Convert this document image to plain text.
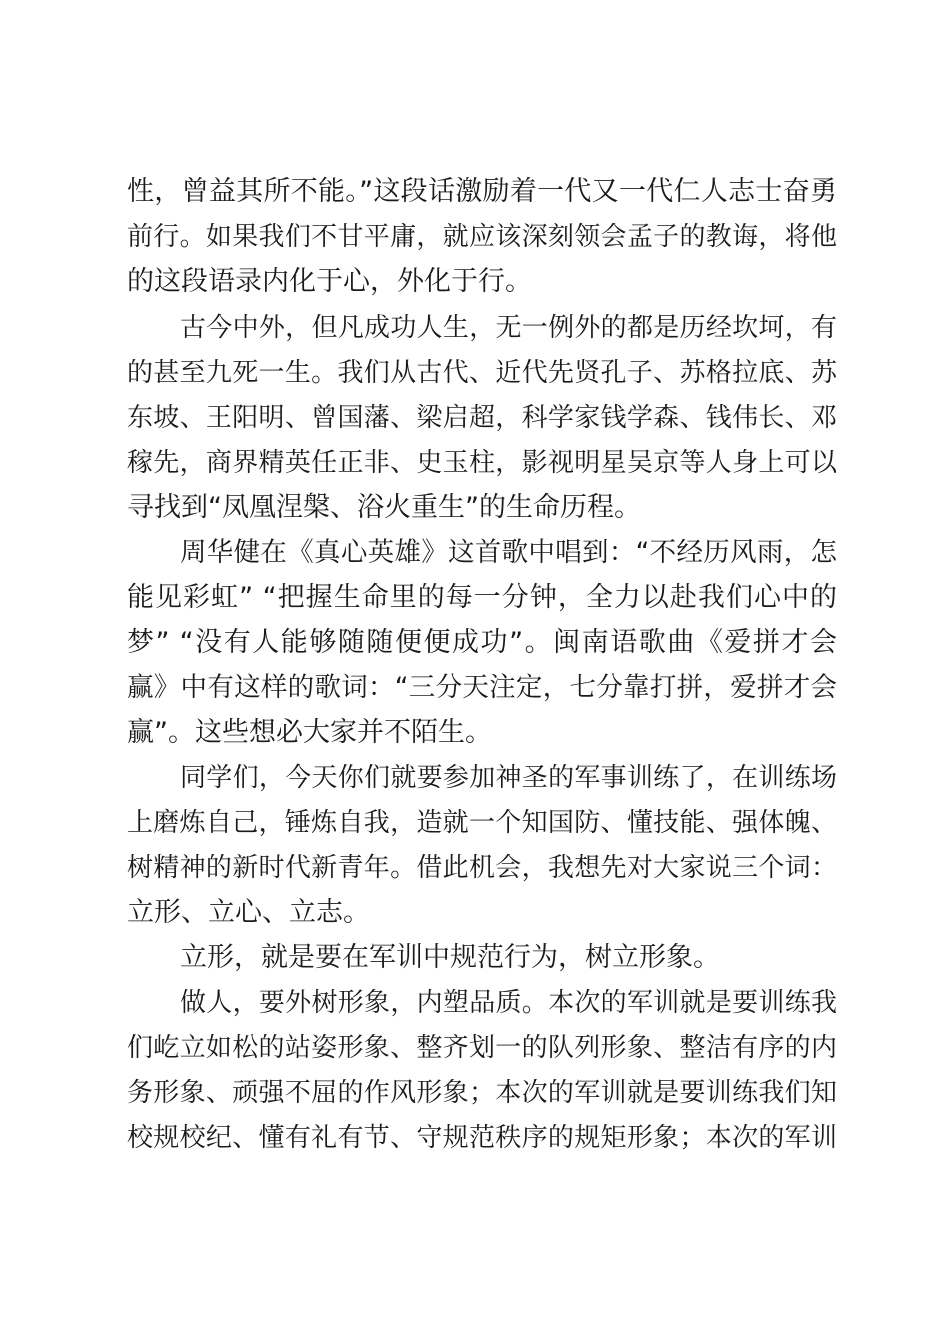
性，曾益其所不能。”这段话激励着一代又一代仁人志士奋勇
前行。如果我们不甘平庸，就应该深刻领会孟子的教诲，将他
的这段语录内化于心，外化于行。
古今中外，但凡成功人生，无一例外的都是历经坎坷，有
的甚至九死一生。我们从古代、近代先贤孔子、苏格拉底、苏
东坡、王阳明、曾国藩、梁启超，科学家钱学森、钱伟长、邓
稼先，商界精英任正非、史玉柱，影视明星吴京等人身上可以
寻找到“凤凰涅槃、浴火重生”的生命历程。
周华健在《真心英雄》这首歌中唱到：“不经历风雨，怎
能见彩虹” “把握生命里的每一分钟，全力以赴我们心中的
梦” “没有人能够随随便便成功”。闽南语歌曲《爱拼才会
赢》中有这样的歌词：“三分天注定，七分靠打拼，爱拼才会
赢”。这些想必大家并不陌生。
同学们，今天你们就要参加神圣的军事训练了，在训练场
上磨炼自己，锤炼自我，造就一个知国防、懂技能、强体魄、
树精神的新时代新青年。借此机会，我想先对大家说三个词：
立形、立心、立志。
立形，就是要在军训中规范行为，树立形象。
做人，要外树形象，内塑品质。本次的军训就是要训练我
们屹立如松的站姿形象、整齐划一的队列形象、整洁有序的内
务形象、顽强不屈的作风形象；本次的军训就是要训练我们知
校规校纪、懂有礼有节、守规范秩序的规矩形象；本次的军训
